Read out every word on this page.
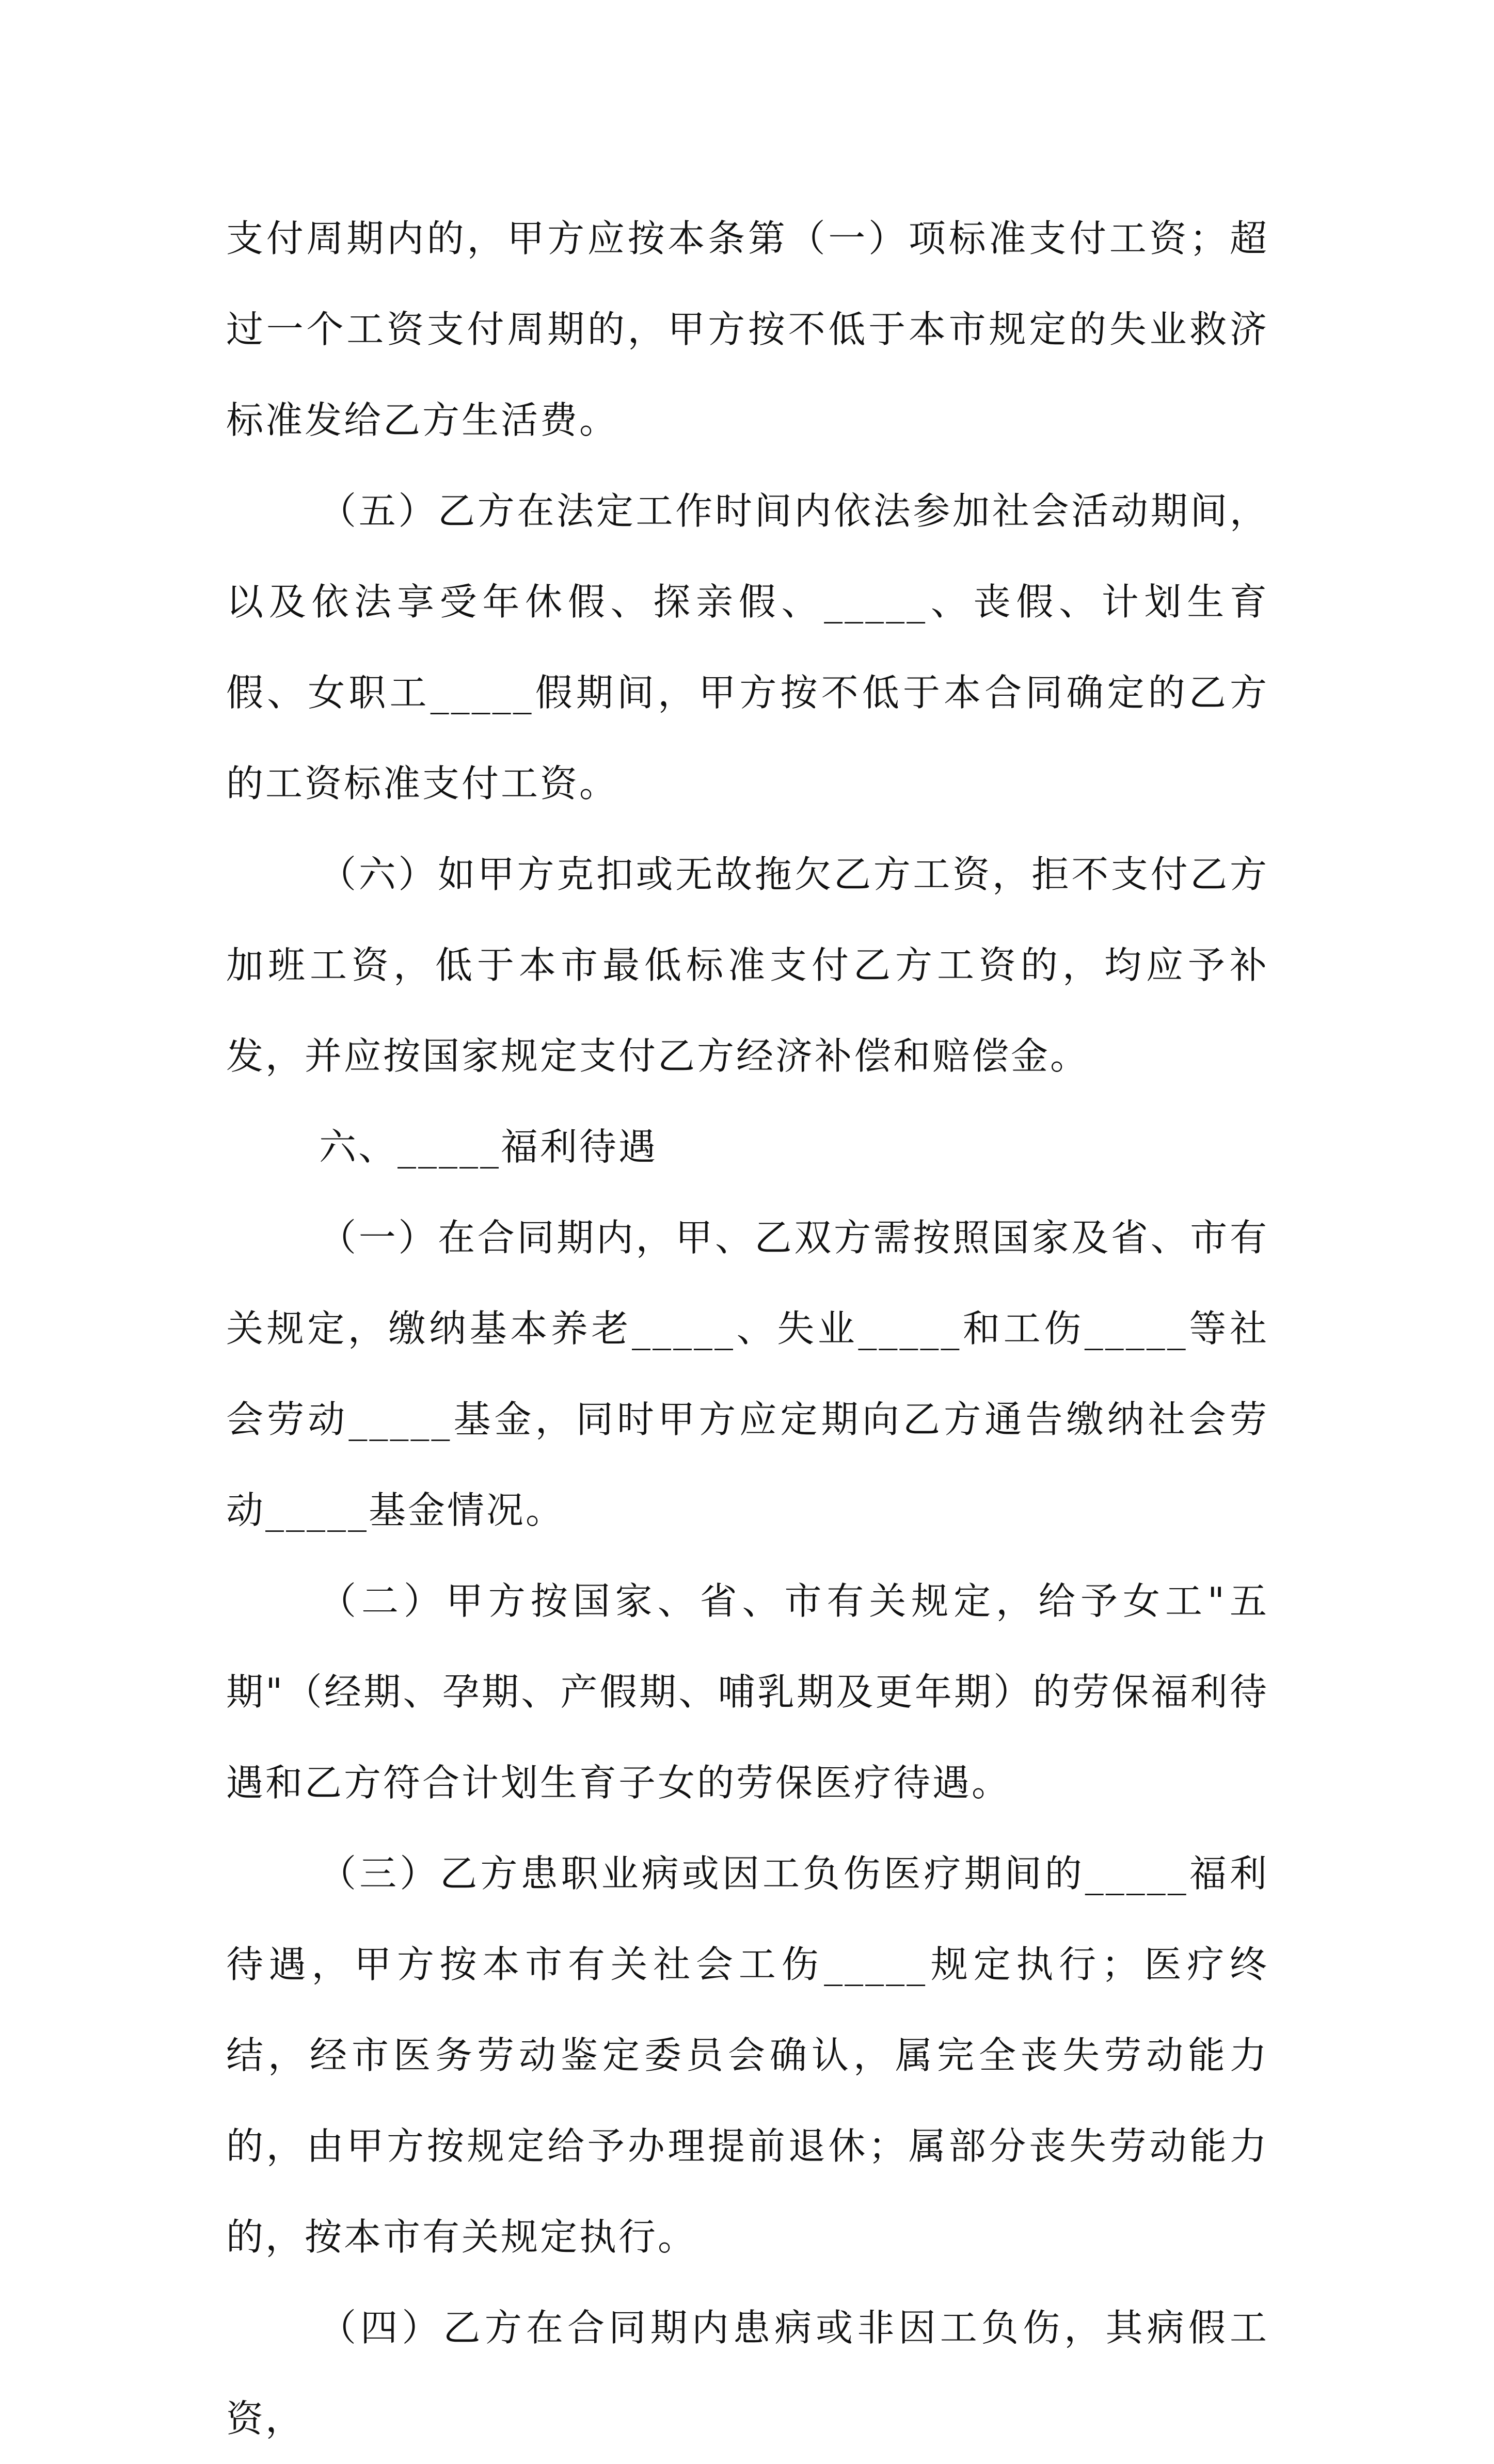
支付周期内的，甲方应按本条第（一）项标准支付工资；超过一个工资支付周期的，甲方按不低于本市规定的失业救济标准发给乙方生活费。

（五）乙方在法定工作时间内依法参加社会活动期间，以及依法享受年休假、探亲假、_____、丧假、计划生育假、女职工_____假期间，甲方按不低于本合同确定的乙方的工资标准支付工资。

（六）如甲方克扣或无故拖欠乙方工资，拒不支付乙方加班工资，低于本市最低标准支付乙方工资的，均应予补发，并应按国家规定支付乙方经济补偿和赔偿金。

六、_____福利待遇

（一）在合同期内，甲、乙双方需按照国家及省、市有关规定，缴纳基本养老_____、失业_____和工伤_____等社会劳动_____基金，同时甲方应定期向乙方通告缴纳社会劳动_____基金情况。

（二）甲方按国家、省、市有关规定，给予女工"五期"（经期、孕期、产假期、哺乳期及更年期）的劳保福利待遇和乙方符合计划生育子女的劳保医疗待遇。

（三）乙方患职业病或因工负伤医疗期间的_____福利待遇，甲方按本市有关社会工伤_____规定执行；医疗终结，经市医务劳动鉴定委员会确认，属完全丧失劳动能力的，由甲方按规定给予办理提前退休；属部分丧失劳动能力的，按本市有关规定执行。

（四）乙方在合同期内患病或非因工负伤，其病假工资，
